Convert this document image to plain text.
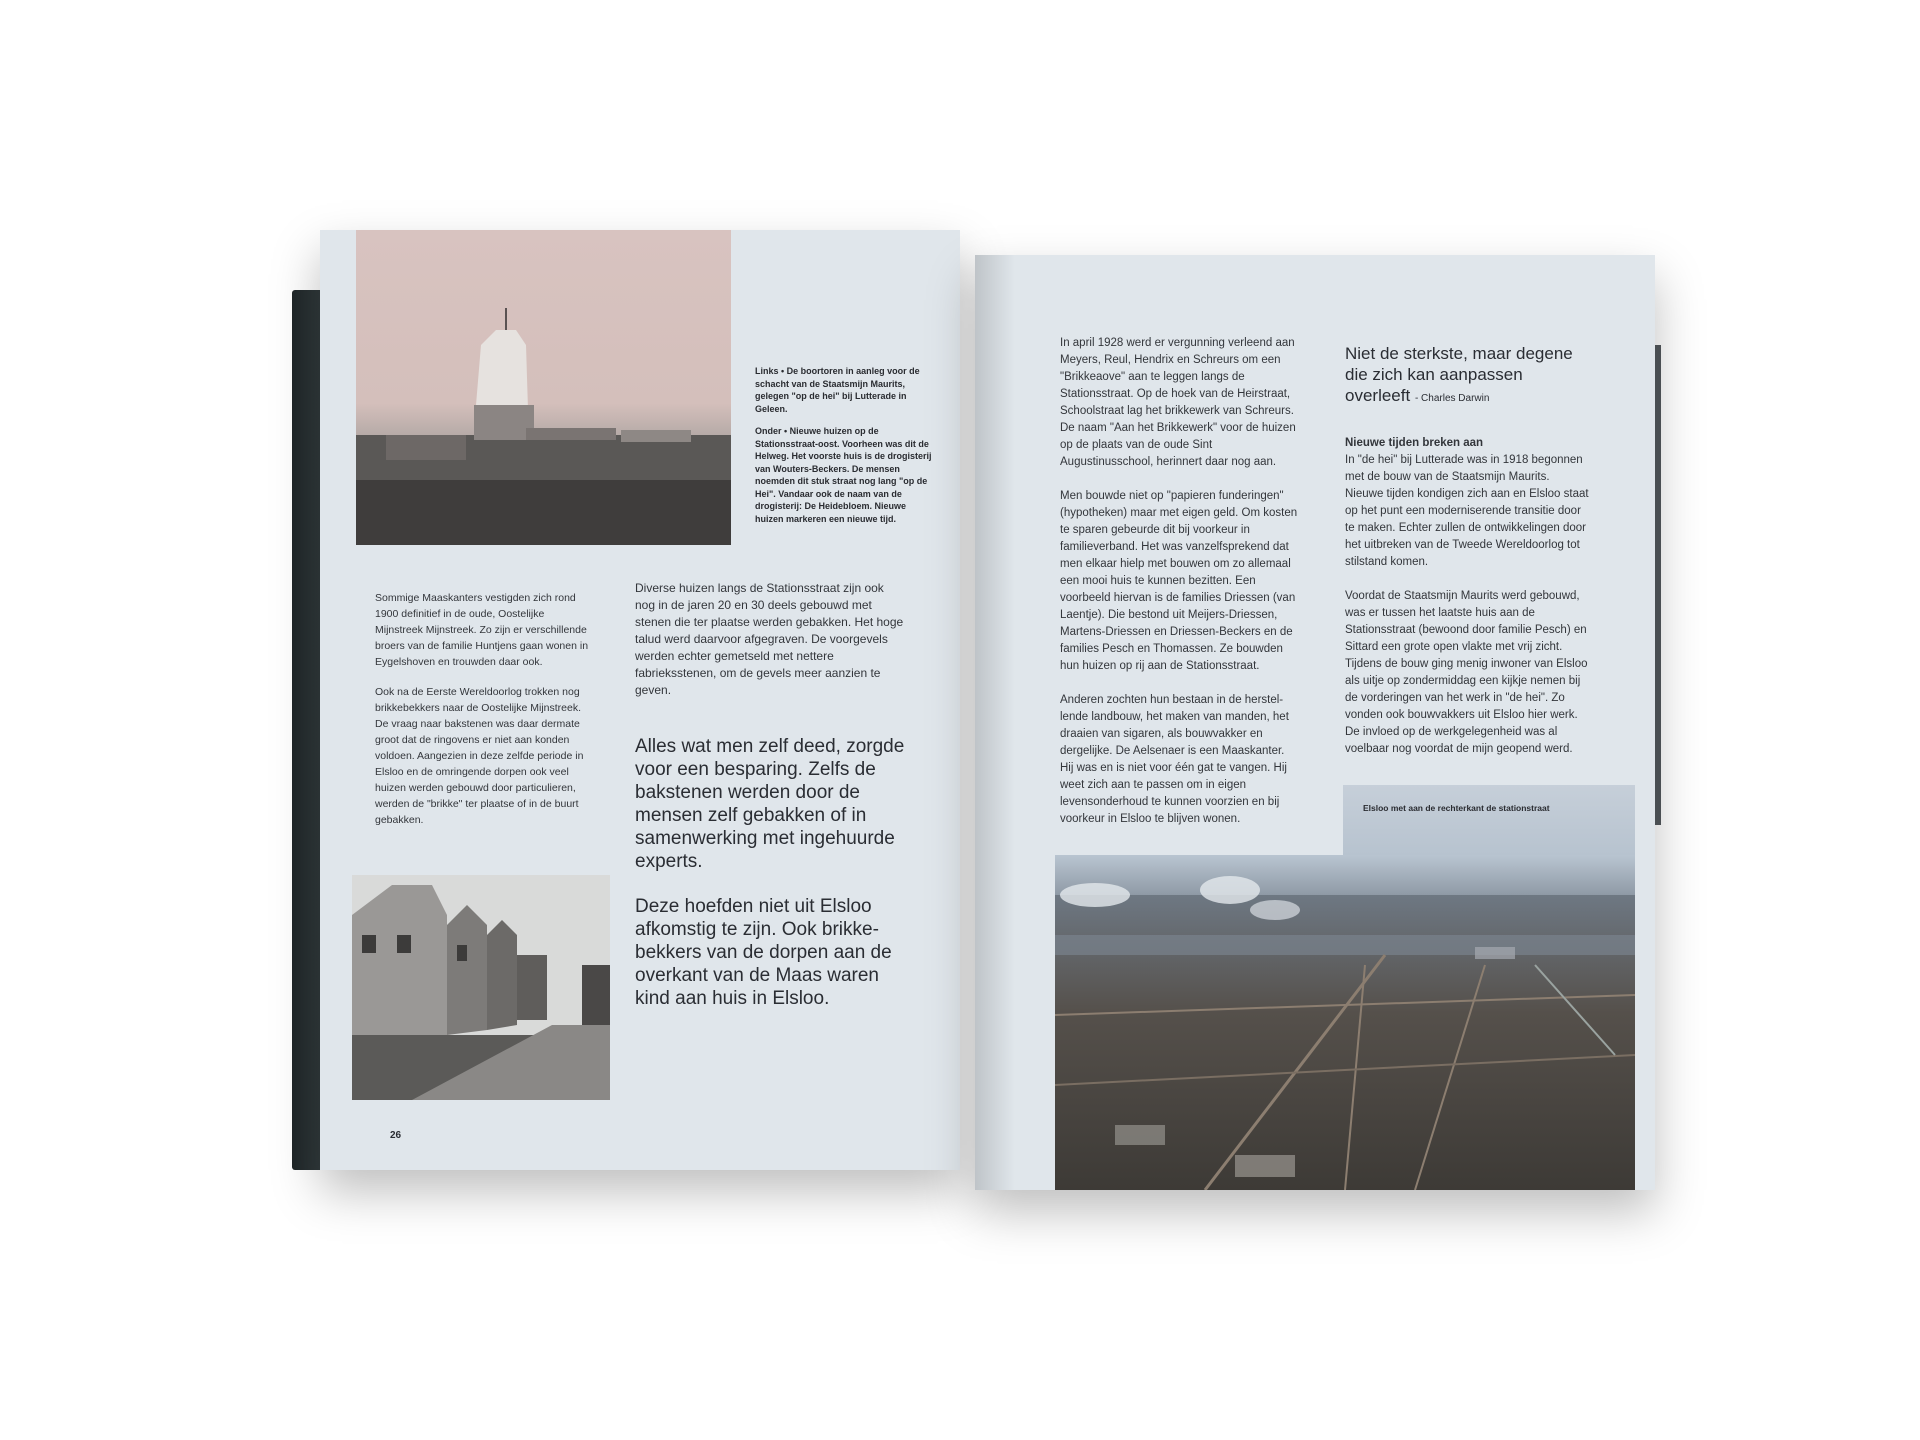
Links • De boortoren in aanleg voor de schacht van de Staatsmijn Maurits, gelegen "op de hei" bij Lutterade in Geleen.

Onder • Nieuwe huizen op de Stationsstraat-oost. Voorheen was dit de Helweg. Het voorste huis is de drogisterij van Wouters-Beckers. De mensen noemden dit stuk straat nog lang "op de Hei". Vandaar ook de naam van de drogisterij: De Heidebloem. Nieuwe huizen markeren een nieuwe tijd.

Sommige Maaskanters vestigden zich rond 1900 definitief in de oude, Oostelijke Mijnstreek Mijnstreek. Zo zijn er verschillende broers van de familie Huntjens gaan wonen in Eygelshoven en trouwden daar ook.

Ook na de Eerste Wereldoorlog trokken nog brikkebekkers naar de Oostelijke Mijnstreek. De vraag naar bakstenen was daar dermate groot dat de ringovens er niet aan konden voldoen. Aangezien in deze zelfde periode in Elsloo en de omringende dorpen ook veel huizen werden gebouwd door particulieren, werden de "brikke" ter plaatse of in de buurt gebakken.

Diverse huizen langs de Stationsstraat zijn ook nog in de jaren 20 en 30 deels gebouwd met stenen die ter plaatse werden gebakken. Het hoge talud werd daarvoor afgegraven. De voorgevels werden echter gemetseld met nettere fabrieksstenen, om de gevels meer aanzien te geven.

Alles wat men zelf deed, zorgde voor een besparing. Zelfs de bakstenen werden door de mensen zelf gebakken of in samenwerking met ingehuurde experts.

Deze hoefden niet uit Elsloo afkomstig te zijn. Ook brikke-bekkers van de dorpen aan de overkant van de Maas waren kind aan huis in Elsloo.

26

In april 1928 werd er vergunning verleend aan Meyers, Reul, Hendrix en Schreurs om een "Brikkeaove" aan te leggen langs de Stationsstraat. Op de hoek van de Heirstraat, Schoolstraat lag het brikkewerk van Schreurs. De naam "Aan het Brikkewerk" voor de huizen op de plaats van de oude Sint Augustinusschool, herinnert daar nog aan.

Men bouwde niet op "papieren funderingen" (hypotheken) maar met eigen geld. Om kosten te sparen gebeurde dit bij voorkeur in familieverband. Het was vanzelfsprekend dat men elkaar hielp met bouwen om zo allemaal een mooi huis te kunnen bezitten. Een voorbeeld hiervan is de families Driessen (van Laentje). Die bestond uit Meijers-Driessen, Martens-Driessen en Driessen-Beckers en de families Pesch en Thomassen. Ze bouwden hun huizen op rij aan de Stationsstraat.

Anderen zochten hun bestaan in de herstel-lende landbouw, het maken van manden, het draaien van sigaren, als bouwvakker en dergelijke. De Aelsenaer is een Maaskanter. Hij was en is niet voor één gat te vangen. Hij weet zich aan te passen om in eigen levensonderhoud te kunnen voorzien en bij voorkeur in Elsloo te blijven wonen.

Niet de sterkste, maar degene die zich kan aanpassen overleeft - Charles Darwin
Nieuwe tijden breken aan

In "de hei" bij Lutterade was in 1918 begonnen met de bouw van de Staatsmijn Maurits. Nieuwe tijden kondigen zich aan en Elsloo staat op het punt een moderniserende transitie door te maken. Echter zullen de ontwikkelingen door het uitbreken van de Tweede Wereldoorlog tot stilstand komen.

Voordat de Staatsmijn Maurits werd gebouwd, was er tussen het laatste huis aan de Stationsstraat (bewoond door familie Pesch) en Sittard een grote open vlakte met vrij zicht. Tijdens de bouw ging menig inwoner van Elsloo als uitje op zondermiddag een kijkje nemen bij de vorderingen van het werk in "de hei". Zo vonden ook bouwvakkers uit Elsloo hier werk. De invloed op de werkgelegenheid was al voelbaar nog voordat de mijn geopend werd.

Elsloo met aan de rechterkant de stationstraat
